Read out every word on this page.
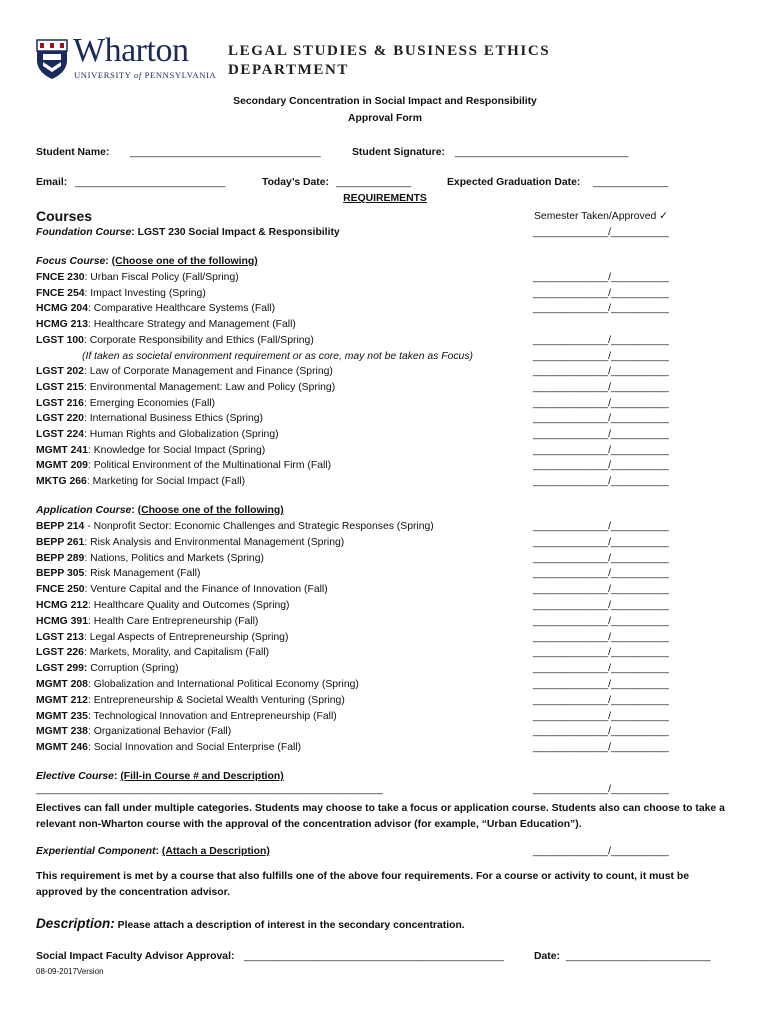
Wharton
UNIVERSITY of PENNSYLVANIA
LEGAL STUDIES & BUSINESS ETHICS
DEPARTMENT
Secondary Concentration in Social Impact and Responsibility
Approval Form
Student Name: _________________________________	Student Signature: ______________________________
Email: __________________________	Today’s Date: _____________	Expected Graduation Date: _____________
REQUIREMENTS
Courses	Semester Taken/Approved ✓
Foundation Course: LGST 230 Social Impact & Responsibility	_____________/__________
Focus Course: (Choose one of the following)
FNCE 230: Urban Fiscal Policy (Fall/Spring)	_____________/__________
FNCE 254: Impact Investing (Spring)	_____________/__________
HCMG 204: Comparative Healthcare Systems (Fall)	_____________/__________
HCMG 213: Healthcare Strategy and Management (Fall)
LGST 100: Corporate Responsibility and Ethics (Fall/Spring)	_____________/__________
(If taken as societal environment requirement or as core, may not be taken as Focus)	_____________/__________
LGST 202: Law of Corporate Management and Finance (Spring)	_____________/__________
LGST 215: Environmental Management: Law and Policy (Spring)	_____________/__________
LGST 216: Emerging Economies (Fall)	_____________/__________
LGST 220: International Business Ethics (Spring)	_____________/__________
LGST 224: Human Rights and Globalization (Spring)	_____________/__________
MGMT 241: Knowledge for Social Impact (Spring)	_____________/__________
MGMT 209: Political Environment of the Multinational Firm (Fall)	_____________/__________
MKTG 266: Marketing for Social Impact (Fall)	_____________/__________
Application Course: (Choose one of the following)
BEPP 214 - Nonprofit Sector: Economic Challenges and Strategic Responses (Spring)	_____________/__________
BEPP 261: Risk Analysis and Environmental Management (Spring)	_____________/__________
BEPP 289: Nations, Politics and Markets (Spring)	_____________/__________
BEPP 305: Risk Management (Fall)	_____________/__________
FNCE 250: Venture Capital and the Finance of Innovation (Fall)	_____________/__________
HCMG 212: Healthcare Quality and Outcomes (Spring)	_____________/__________
HCMG 391: Health Care Entrepreneurship (Fall)	_____________/__________
LGST 213: Legal Aspects of Entrepreneurship (Spring)	_____________/__________
LGST 226: Markets, Morality, and Capitalism (Fall)	_____________/__________
LGST 299: Corruption (Spring)	_____________/__________
MGMT 208: Globalization and International Political Economy (Spring)	_____________/__________
MGMT 212: Entrepreneurship & Societal Wealth Venturing (Spring)	_____________/__________
MGMT 235: Technological Innovation and Entrepreneurship (Fall)	_____________/__________
MGMT 238: Organizational Behavior (Fall)	_____________/__________
MGMT 246: Social Innovation and Social Enterprise (Fall)	_____________/__________
Elective Course: (Fill-in Course # and Description)
____________________________________________________________	_____________/__________
Electives can fall under multiple categories. Students may choose to take a focus or application course. Students also can choose to take a relevant non-Wharton course with the approval of the concentration advisor (for example, “Urban Education”).
Experiential Component: (Attach a Description)	_____________/__________
This requirement is met by a course that also fulfills one of the above four requirements. For a course or activity to count, it must be approved by the concentration advisor.
Description: Please attach a description of interest in the secondary concentration.
Social Impact Faculty Advisor Approval: _____________________________________________	Date: _________________________
08-09-2017Version
